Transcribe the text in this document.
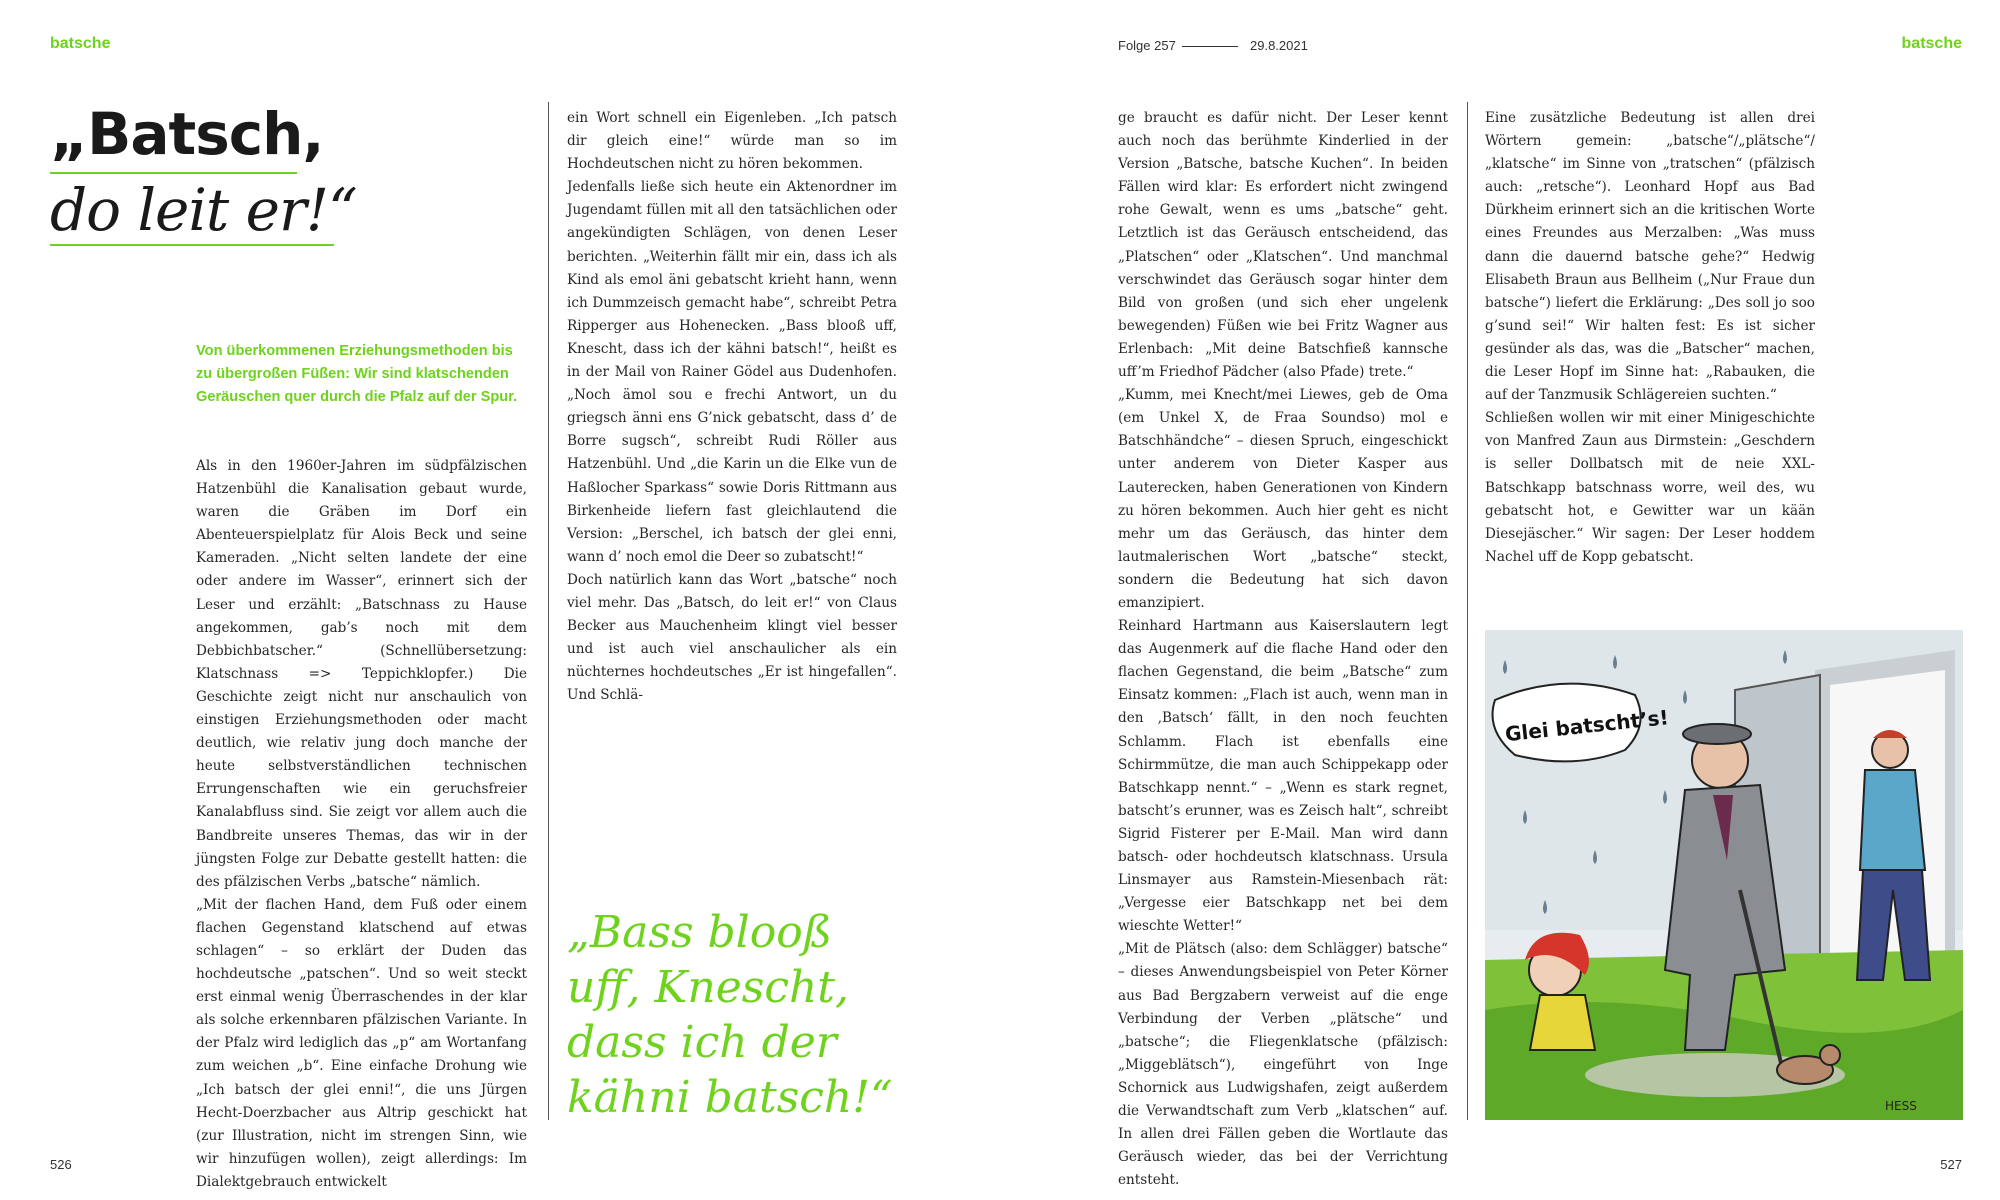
batsche	Folge 257	29.8.2021	batsche
„Batsch,
do leit er!“
Von überkommenen Erziehungsmethoden bis zu übergroßen Füßen: Wir sind klatschenden Geräuschen quer durch die Pfalz auf der Spur.

Als in den 1960er-Jahren im südpfälzischen Hatzenbühl die Kanalisation gebaut wurde, waren die Gräben im Dorf ein Abenteuerspielplatz für Alois Beck und seine Kameraden. „Nicht selten landete der eine oder andere im Wasser“, erinnert sich der Leser und erzählt: „Batschnass zu Hause angekommen, gab’s noch mit dem Debbichbatscher.“ (Schnellübersetzung: Klatschnass => Teppichklopfer.) Die Geschichte zeigt nicht nur anschaulich von einstigen Erziehungsmethoden oder macht deutlich, wie relativ jung doch manche der heute selbstverständlichen technischen Errungenschaften wie ein geruchsfreier Kanalabfluss sind. Sie zeigt vor allem auch die Bandbreite unseres Themas, das wir in der jüngsten Folge zur Debatte gestellt hatten: die des pfälzischen Verbs „batsche“ nämlich.

„Mit der flachen Hand, dem Fuß oder einem flachen Gegenstand klatschend auf etwas schlagen“ – so erklärt der Duden das hochdeutsche „patschen“. Und so weit steckt erst einmal wenig Überraschendes in der klar als solche erkennbaren pfälzischen Variante. In der Pfalz wird lediglich das „p“ am Wortanfang zum weichen „b“. Eine einfache Drohung wie „Ich batsch der glei enni!“, die uns Jürgen Hecht-Doerzbacher aus Altrip geschickt hat (zur Illustration, nicht im strengen Sinn, wie wir hinzufügen wollen), zeigt allerdings: Im Dialektgebrauch entwickelt

ein Wort schnell ein Eigenleben. „Ich patsch dir gleich eine!“ würde man so im Hochdeutschen nicht zu hören bekommen.

Jedenfalls ließe sich heute ein Aktenordner im Jugendamt füllen mit all den tatsächlichen oder angekündigten Schlägen, von denen Leser berichten. „Weiterhin fällt mir ein, dass ich als Kind als emol äni gebatscht krieht hann, wenn ich Dummzeisch gemacht habe“, schreibt Petra Ripperger aus Hohenecken. „Bass blooß uff, Knescht, dass ich der kähni batsch!“, heißt es in der Mail von Rainer Gödel aus Dudenhofen. „Noch ämol sou e frechi Antwort, un du griegsch änni ens G’nick gebatscht, dass d’ de Borre sugsch“, schreibt Rudi Röller aus Hatzenbühl. Und „die Karin un die Elke vun de Haßlocher Sparkass“ sowie Doris Rittmann aus Birkenheide liefern fast gleichlautend die Version: „Berschel, ich batsch der glei enni, wann d’ noch emol die Deer so zubatscht!“

Doch natürlich kann das Wort „batsche“ noch viel mehr. Das „Batsch, do leit er!“ von Claus Becker aus Mauchenheim klingt viel besser und ist auch viel anschaulicher als ein nüchternes hochdeutsches „Er ist hingefallen“. Und Schlä-

„Bass blooß uff, Knescht, dass ich der kähni batsch!“

ge braucht es dafür nicht. Der Leser kennt auch noch das berühmte Kinderlied in der Version „Batsche, batsche Kuchen“. In beiden Fällen wird klar: Es erfordert nicht zwingend rohe Gewalt, wenn es ums „batsche“ geht. Letztlich ist das Geräusch entscheidend, das „Platschen“ oder „Klatschen“. Und manchmal verschwindet das Geräusch sogar hinter dem Bild von großen (und sich eher ungelenk bewegenden) Füßen wie bei Fritz Wagner aus Erlenbach: „Mit deine Batschfieß kannsche uff’m Friedhof Pädcher (also Pfade) trete.“

„Kumm, mei Knecht/mei Liewes, geb de Oma (em Unkel X, de Fraa Soundso) mol e Batschhändche“ – diesen Spruch, eingeschickt unter anderem von Dieter Kasper aus Lauterecken, haben Generationen von Kindern zu hören bekommen. Auch hier geht es nicht mehr um das Geräusch, das hinter dem lautmalerischen Wort „batsche“ steckt, sondern die Bedeutung hat sich davon emanzipiert.

Reinhard Hartmann aus Kaiserslautern legt das Augenmerk auf die flache Hand oder den flachen Gegenstand, die beim „Batsche“ zum Einsatz kommen: „Flach ist auch, wenn man in den ‚Batsch‘ fällt, in den noch feuchten Schlamm. Flach ist ebenfalls eine Schirmmütze, die man auch Schippekapp oder Batschkapp nennt.“ – „Wenn es stark regnet, batscht’s erunner, was es Zeisch halt“, schreibt Sigrid Fisterer per E-Mail. Man wird dann batsch- oder hochdeutsch klatschnass. Ursula Linsmayer aus Ramstein-Miesenbach rät: „Vergesse eier Batschkapp net bei dem wieschte Wetter!“

„Mit de Plätsch (also: dem Schlägger) batsche“ – dieses Anwendungsbeispiel von Peter Körner aus Bad Bergzabern verweist auf die enge Verbindung der Verben „plätsche“ und „batsche“; die Fliegenklatsche (pfälzisch: „Miggeblätsch“), eingeführt von Inge Schornick aus Ludwigshafen, zeigt außerdem die Verwandtschaft zum Verb „klatschen“ auf. In allen drei Fällen geben die Wortlaute das Geräusch wieder, das bei der Verrichtung entsteht.

Eine zusätzliche Bedeutung ist allen drei Wörtern gemein: „batsche“/„plätsche“/„klatsche“ im Sinne von „tratschen“ (pfälzisch auch: „retsche“). Leonhard Hopf aus Bad Dürkheim erinnert sich an die kritischen Worte eines Freundes aus Merzalben: „Was muss dann die dauernd batsche gehe?“ Hedwig Elisabeth Braun aus Bellheim („Nur Fraue dun batsche“) liefert die Erklärung: „Des soll jo soo g’sund sei!“ Wir halten fest: Es ist sicher gesünder als das, was die „Batscher“ machen, die Leser Hopf im Sinne hat: „Rabauken, die auf der Tanzmusik Schlägereien suchten.“

Schließen wollen wir mit einer Minigeschichte von Manfred Zaun aus Dirmstein: „Geschdern is seller Dollbatsch mit de neie XXL-Batschkapp batschnass worre, weil des, wu gebatscht hot, e Gewitter war un kään Diesejäscher.“ Wir sagen: Der Leser hoddem Nachel uff de Kopp gebatscht.

Glei batscht’s!
HESS
526	527
